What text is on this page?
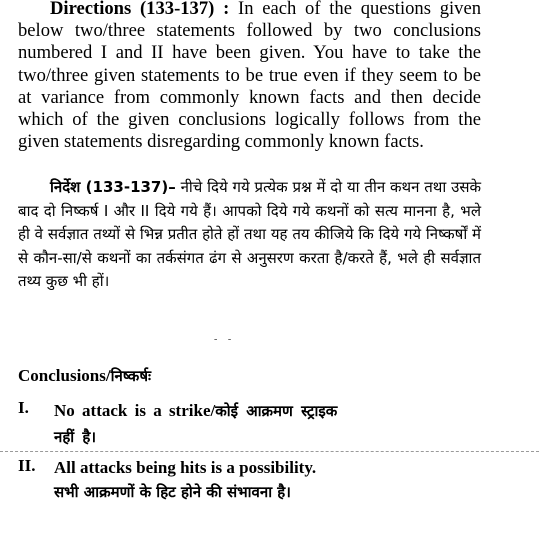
Directions (133-137) : In each of the questions given below two/three statements followed by two conclusions numbered I and II have been given. You have to take the two/three given statements to be true even if they seem to be at variance from commonly known facts and then decide which of the given conclusions logically follows from the given statements disregarding commonly known facts.

निर्देश (133-137)– नीचे दिये गये प्रत्येक प्रश्न में दो या तीन कथन तथा उसके बाद दो निष्कर्ष I और II दिये गये हैं। आपको दिये गये कथनों को सत्य मानना है, भले ही वे सर्वज्ञात तथ्यों से भिन्न प्रतीत होते हों तथा यह तय कीजिये कि दिये गये निष्कर्षों में से कौन-सा/से कथनों का तर्कसंगत ढंग से अनुसरण करता है/करते हैं, भले ही सर्वज्ञात तथ्य कुछ भी हों।

- -
Conclusions/निष्कर्षः
I. No attack is a strike/कोई आक्रमण स्ट्राइक
नहीं है।
II. All attacks being hits is a possibility.
सभी आक्रमणों के हिट होने की संभावना है।
